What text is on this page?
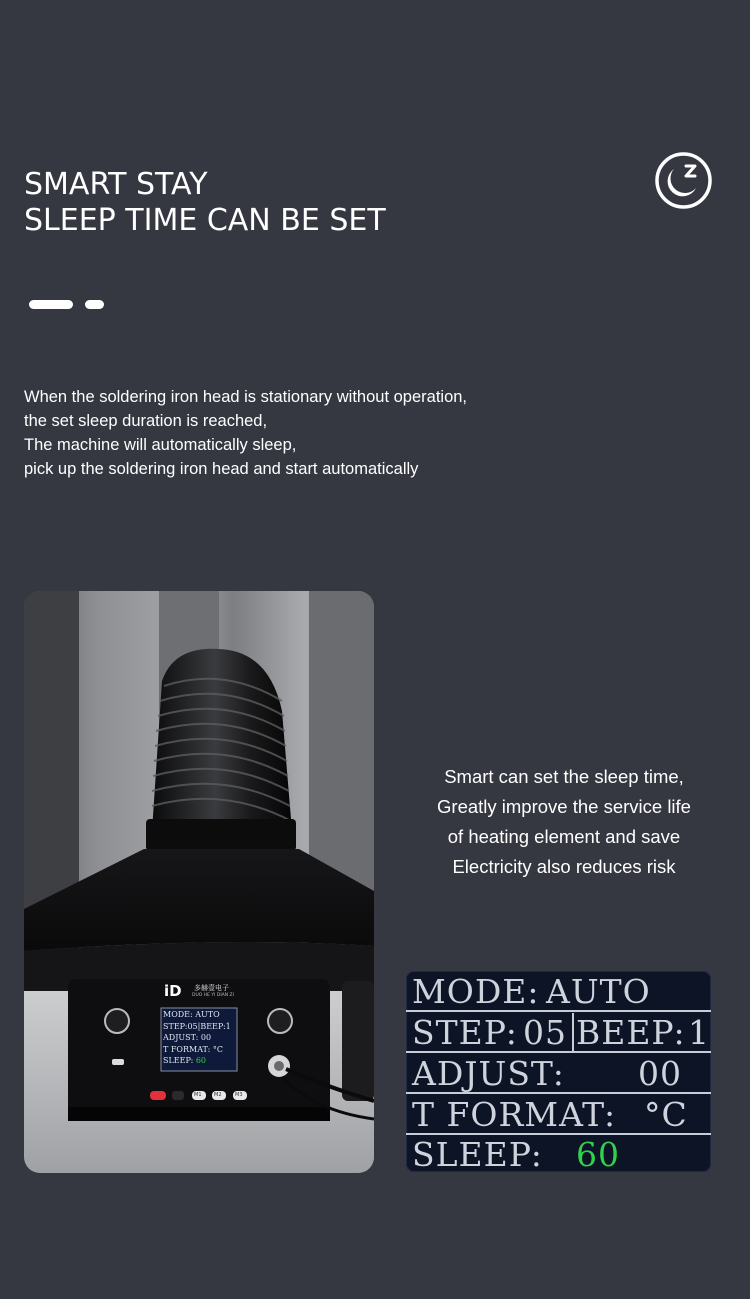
SMART STAY
SLEEP TIME CAN BE SET
When the soldering iron head is stationary without operation,
the set sleep duration is reached,
The machine will automatically sleep,
pick up the soldering iron head and start automatically
iD 多赫壹电子
DUO HE YI DIAN ZI
MODE: AUTO
STEP:05|BEEP:1
ADJUST: 00
T FORMAT: °C
SLEEP: 60
M1	M2	M3
Smart can set the sleep time,
Greatly improve the service life
of heating element and save
Electricity also reduces risk
MODE: AUTO
STEP: 05 BEEP: 1
ADJUST: 00
T FORMAT: °C
SLEEP: 60
